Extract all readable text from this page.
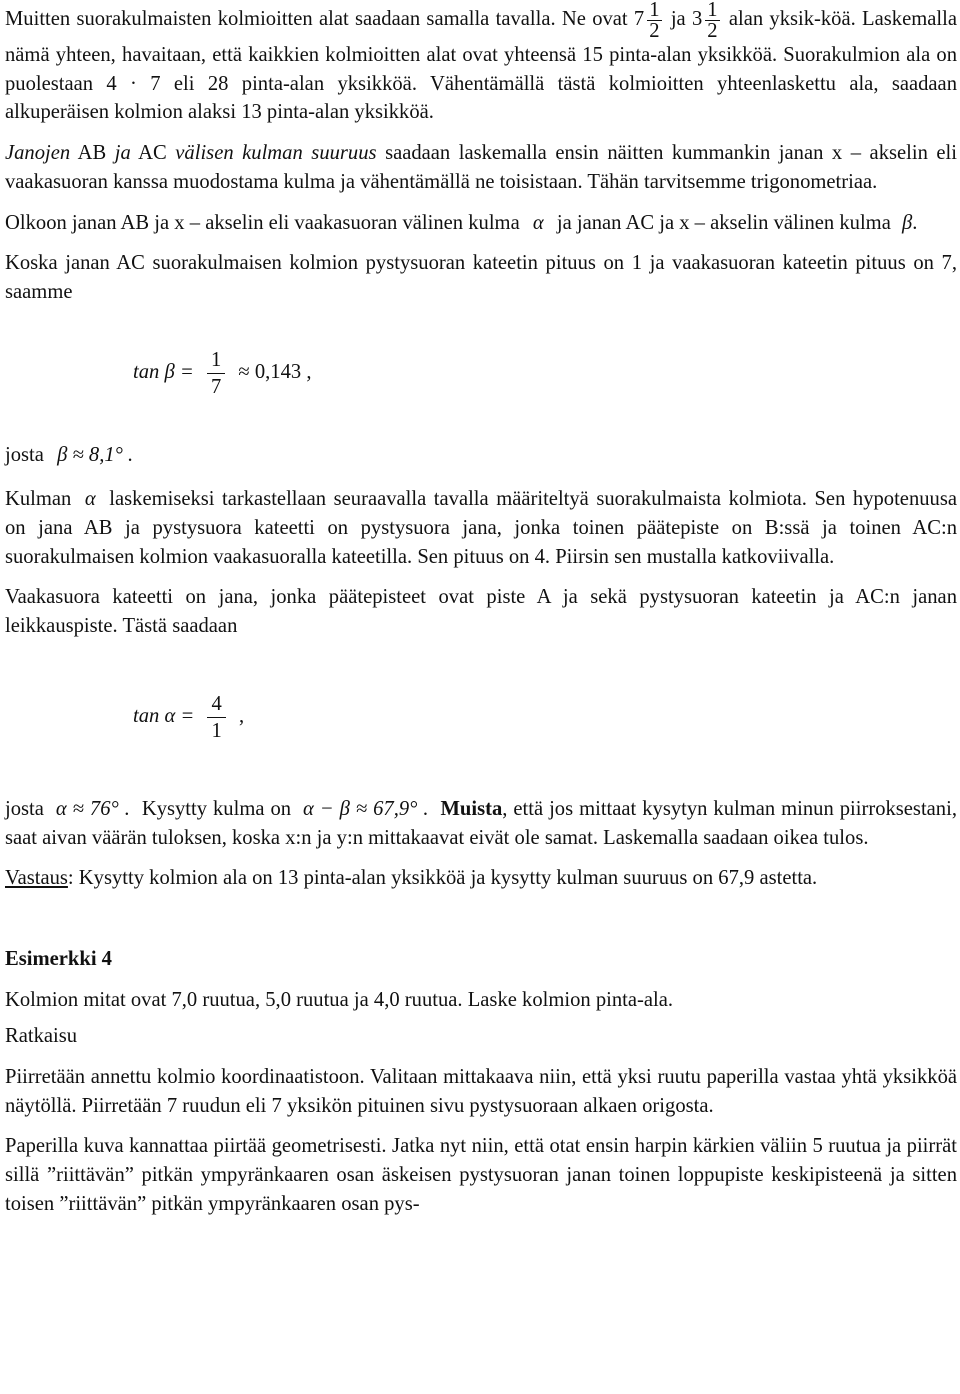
Muitten suorakulmaisten kolmioitten alat saadaan samalla tavalla. Ne ovat $7 \frac{1}{2}$ ja $3 \frac{1}{2}$ alan yksik-köä. Laskemalla nämä yhteen, havaitaan, että kaikkien kolmioitten alat ovat yhteensä 15 pinta-alan yksikköä. Suorakulmion ala on puolestaan 4 · 7 eli 28 pinta-alan yksikköä. Vähentämällä tästä kolmioitten yhteenlaskettu ala, saadaan alkuperäisen kolmion alaksi 13 pinta-alan yksikköä.

Janojen AB ja AC välisen kulman suuruus saadaan laskemalla ensin näitten kummankin janan x – akselin eli vaakasuoran kanssa muodostama kulma ja vähentämällä ne toisistaan. Tähän tarvitsemme trigonometriaa.

Olkoon janan AB ja x – akselin eli vaakasuoran välinen kulma α ja janan AC ja x – akselin välinen kulma β.

Koska janan AC suorakulmaisen kolmion pystysuoran kateetin pituus on 1 ja vaakasuoran kateetin pituus on 7, saamme

$\tan \beta = \frac{1}{7} \approx 0,143$ ,

josta β ≈ 8,1° .

Kulman α laskemiseksi tarkastellaan seuraavalla tavalla määriteltyä suorakulmaista kolmiota. Sen hypotenuusa on jana AB ja pystysuora kateetti on pystysuora jana, jonka toinen päätepiste on B:ssä ja toinen AC:n suorakulmaisen kolmion vaakasuoralla kateetilla. Sen pituus on 4. Piirsin sen mustalla katkoviivalla.

Vaakasuora kateetti on jana, jonka päätepisteet ovat piste A ja sekä pystysuoran kateetin ja AC:n janan leikkauspiste. Tästä saadaan

$\tan \alpha = \frac{4}{1}$ ,

josta α ≈ 76° . Kysytty kulma on α − β ≈ 67,9° . Muista, että jos mittaat kysytyn kulman minun piirroksestani, saat aivan väärän tuloksen, koska x:n ja y:n mittakaavat eivät ole samat. Laskemalla saadaan oikea tulos.

Vastaus: Kysytty kolmion ala on 13 pinta-alan yksikköä ja kysytty kulman suuruus on 67,9 astetta.

Esimerkki 4

Kolmion mitat ovat 7,0 ruutua, 5,0 ruutua ja 4,0 ruutua. Laske kolmion pinta-ala.

Ratkaisu

Piirretään annettu kolmio koordinaatistoon. Valitaan mittakaava niin, että yksi ruutu paperilla vastaa yhtä yksikköä näytöllä. Piirretään 7 ruudun eli 7 yksikön pituinen sivu pystysuoraan alkaen origosta.

Paperilla kuva kannattaa piirtää geometrisesti. Jatka nyt niin, että otat ensin harpin kärkien väliin 5 ruutua ja piirrät sillä ”riittävän” pitkän ympyränkaaren osan äskeisen pystysuoran janan toinen loppupiste keskipisteenä ja sitten toisen ”riittävän” pitkän ympyränkaaren osan pys-
